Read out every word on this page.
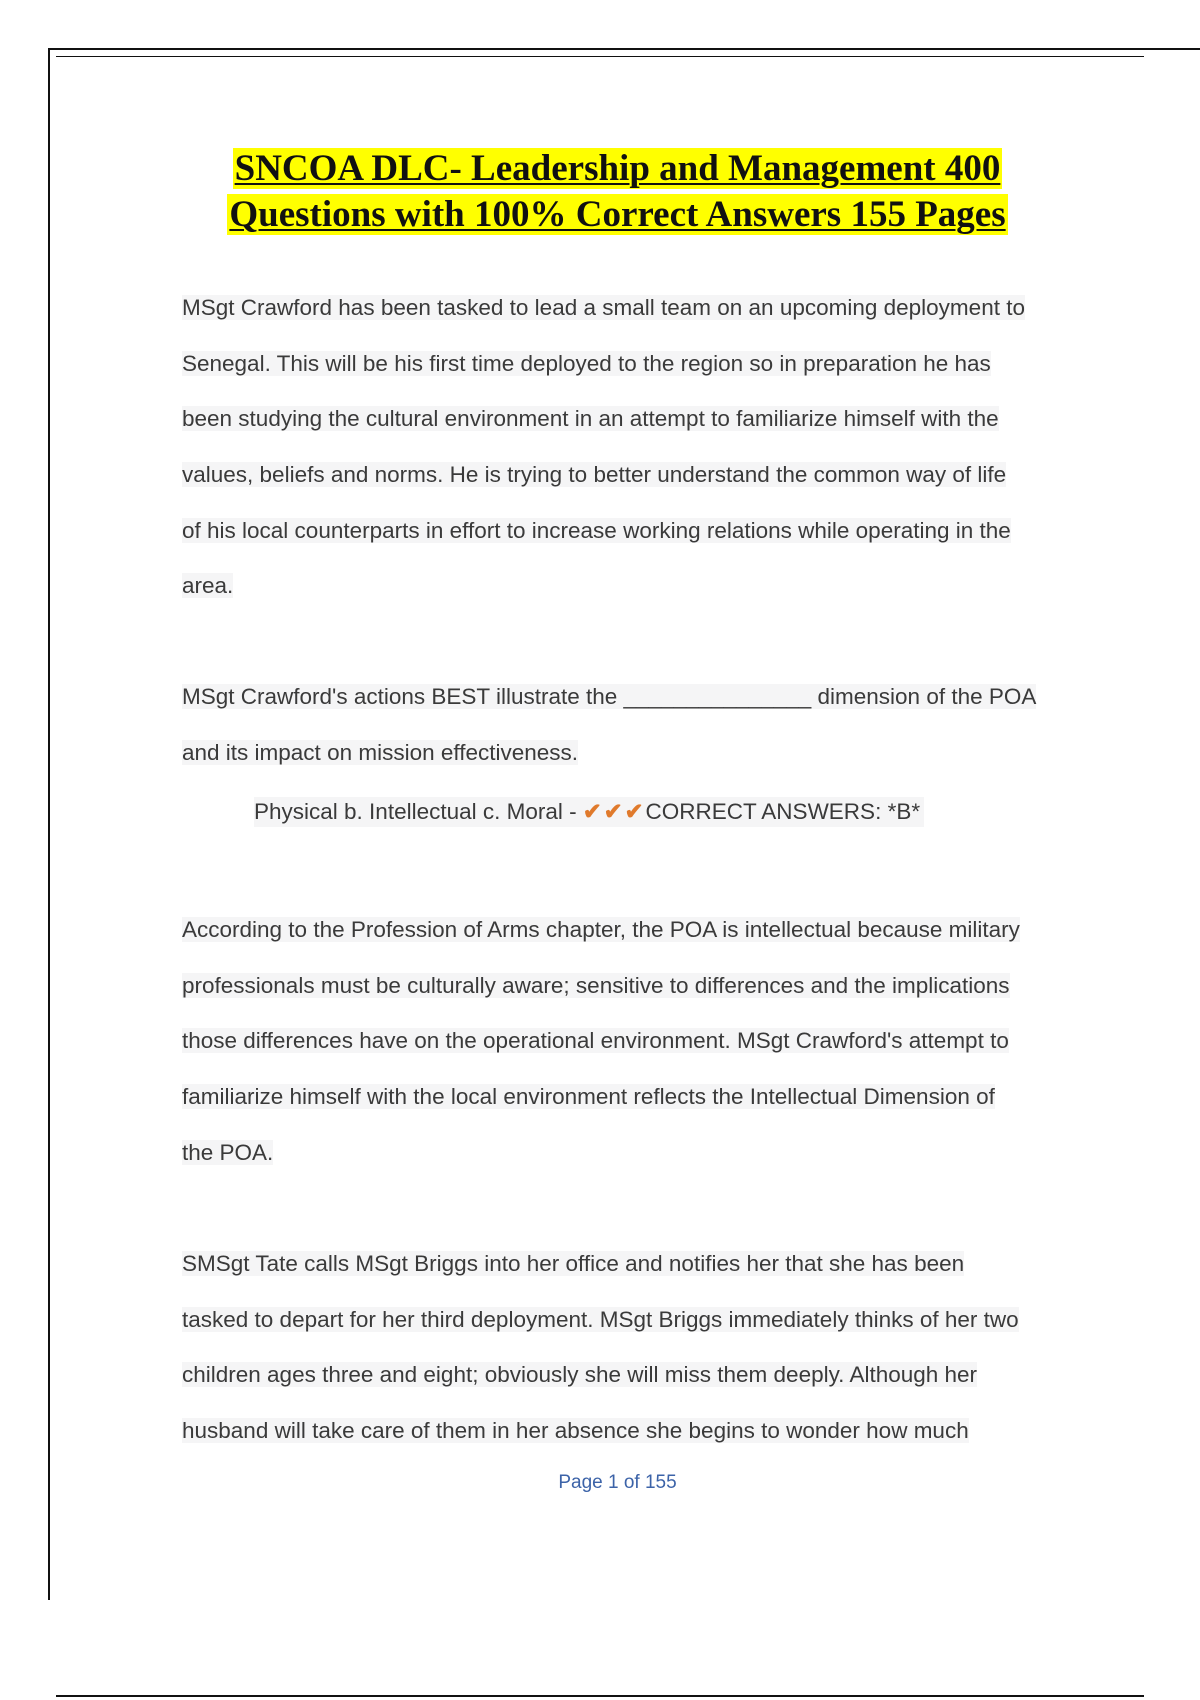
SNCOA DLC- Leadership and Management 400
Questions with 100% Correct Answers 155 Pages
MSgt Crawford has been tasked to lead a small team on an upcoming deployment to
Senegal. This will be his first time deployed to the region so in preparation he has
been studying the cultural environment in an attempt to familiarize himself with the
values, beliefs and norms. He is trying to better understand the common way of life
of his local counterparts in effort to increase working relations while operating in the
area.
MSgt Crawford's actions BEST illustrate the _______________ dimension of the POA
and its impact on mission effectiveness.
Physical b. Intellectual c. Moral - ✔✔✔CORRECT ANSWERS: *B*
According to the Profession of Arms chapter, the POA is intellectual because military
professionals must be culturally aware; sensitive to differences and the implications
those differences have on the operational environment. MSgt Crawford's attempt to
familiarize himself with the local environment reflects the Intellectual Dimension of
the POA.
SMSgt Tate calls MSgt Briggs into her office and notifies her that she has been
tasked to depart for her third deployment. MSgt Briggs immediately thinks of her two
children ages three and eight; obviously she will miss them deeply. Although her
husband will take care of them in her absence she begins to wonder how much
Page 1 of 155
